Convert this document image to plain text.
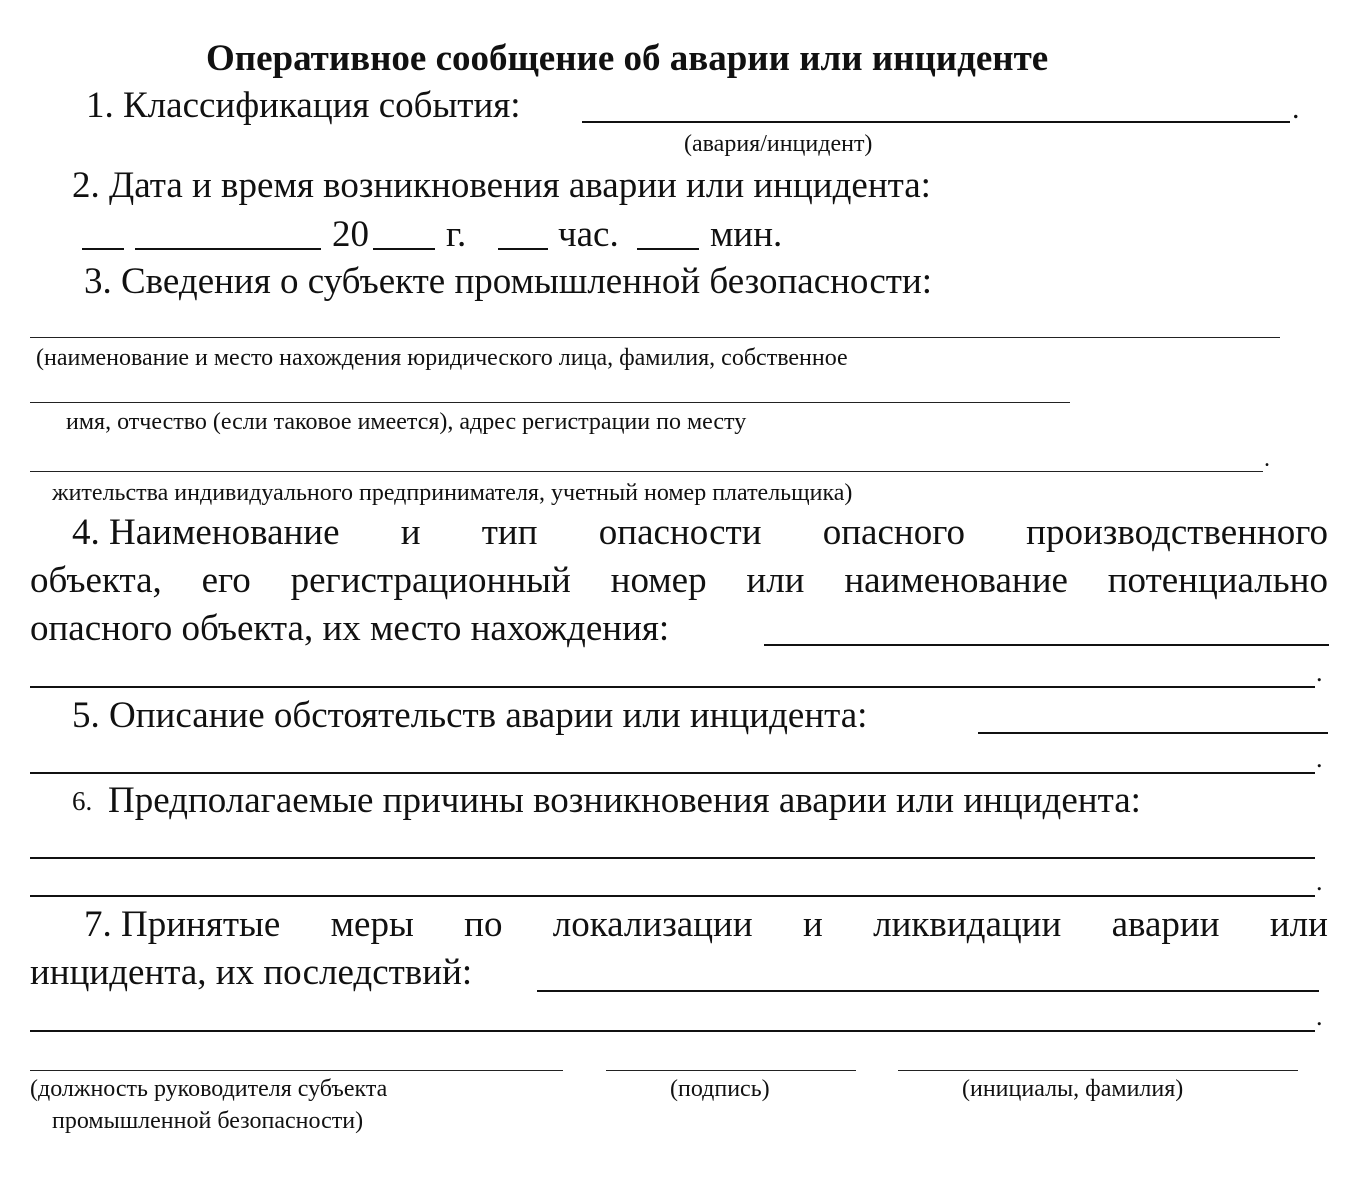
Оперативное сообщение об аварии или инциденте
1. Классификация события:	.
(авария/инцидент)
2. Дата и время возникновения аварии или инцидента:
20 г. час. мин.
3. Сведения о субъекте промышленной безопасности:
(наименование и место нахождения юридического лица, фамилия, собственное
имя, отчество (если таковое имеется), адрес регистрации по месту
.
жительства индивидуального предпринимателя, учетный номер плательщика)
4. Наименование и тип опасности опасного производственного
объекта, его регистрационный номер или наименование потенциально
опасного объекта, их место нахождения:
.
5. Описание обстоятельств аварии или инцидента:
.
6. Предполагаемые причины возникновения аварии или инцидента:
.
7. Принятые меры по локализации и ликвидации аварии или
инцидента, их последствий:
.
(должность руководителя субъекта
промышленной безопасности)
(подпись)	(инициалы, фамилия)
